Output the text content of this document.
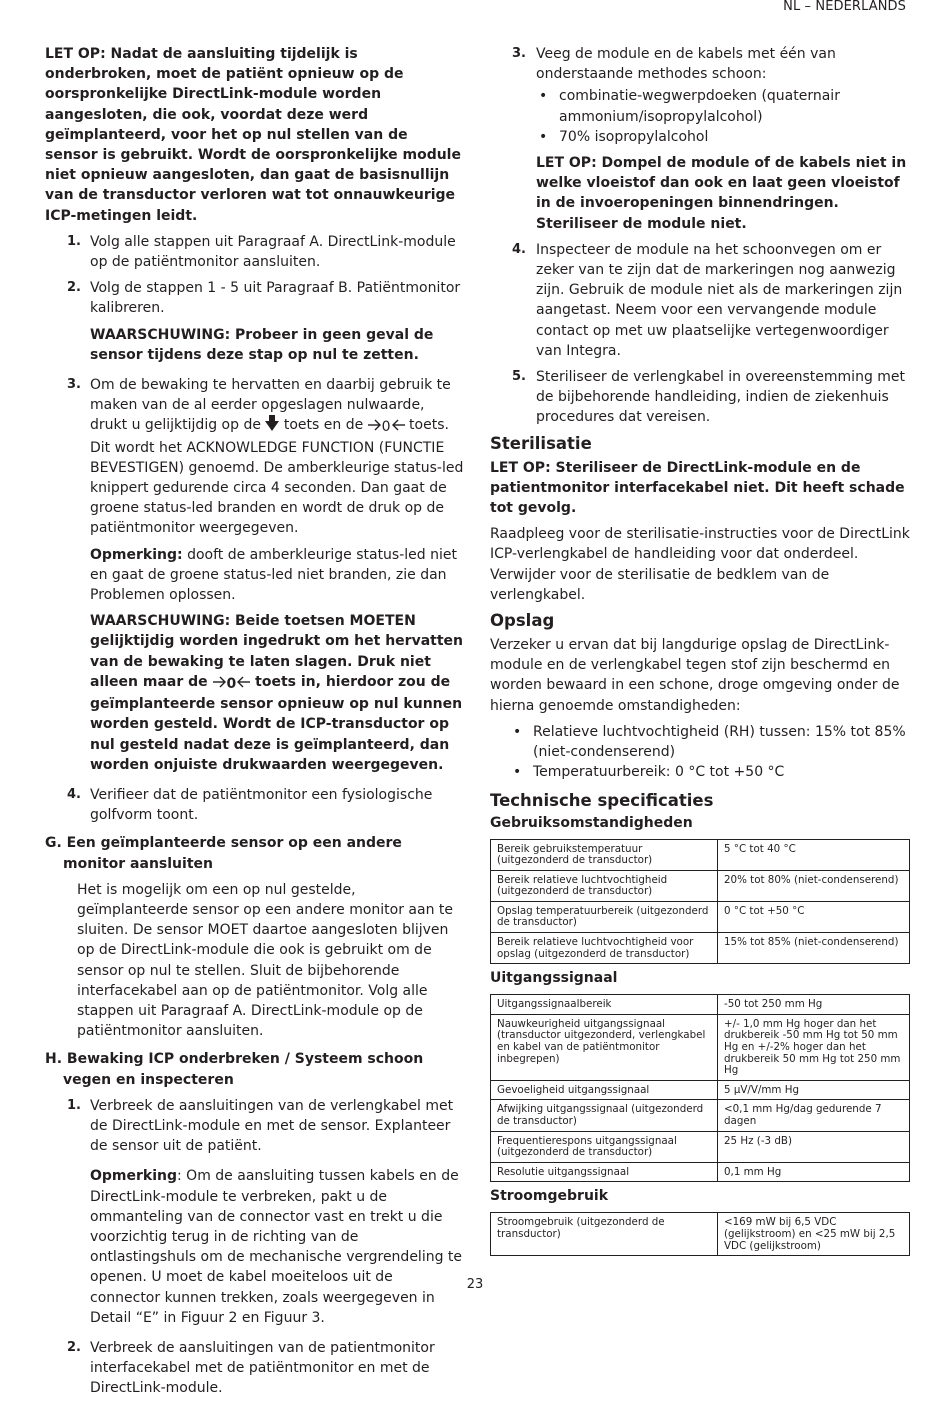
NL – NEDERLANDS

LET OP: Nadat de aansluiting tijdelijk is onderbroken, moet de patiënt opnieuw op de oorspronkelijke DirectLink-module worden aangesloten, die ook, voordat deze werd geïmplanteerd, voor het op nul stellen van de sensor is gebruikt. Wordt de oorspronkelijke module niet opnieuw aangesloten, dan gaat de basisnullijn van de transductor verloren wat tot onnauwkeurige ICP-metingen leidt.

1. Volg alle stappen uit Paragraaf A. DirectLink-module op de patiëntmonitor aansluiten.
2. Volg de stappen 1 - 5 uit Paragraaf B. Patiëntmonitor kalibreren.

WAARSCHUWING: Probeer in geen geval de sensor tijdens deze stap op nul te zetten.

3. Om de bewaking te hervatten en daarbij gebruik te maken van de al eerder opgeslagen nulwaarde, drukt u gelijktijdig op de toets en de 0 toets. Dit wordt het ACKNOWLEDGE FUNCTION (FUNCTIE BEVESTIGEN) genoemd. De amberkleurige status-led knippert gedurende circa 4 seconden. Dan gaat de groene status-led branden en wordt de druk op de patiëntmonitor weergegeven.

Opmerking: dooft de amberkleurige status-led niet en gaat de groene status-led niet branden, zie dan Problemen oplossen.

WAARSCHUWING: Beide toetsen MOETEN gelijktijdig worden ingedrukt om het hervatten van de bewaking te laten slagen. Druk niet alleen maar de 0 toets in, hierdoor zou de geïmplanteerde sensor opnieuw op nul kunnen worden gesteld. Wordt de ICP-transductor op nul gesteld nadat deze is geïmplanteerd, dan worden onjuiste drukwaarden weergegeven.

4. Verifieer dat de patiëntmonitor een fysiologische golfvorm toont.

G. Een geïmplanteerde sensor op een andere monitor aansluiten

Het is mogelijk om een op nul gestelde, geïmplanteerde sensor op een andere monitor aan te sluiten. De sensor MOET daartoe aangesloten blijven op de DirectLink-module die ook is gebruikt om de sensor op nul te stellen. Sluit de bijbehorende interfacekabel aan op de patiëntmonitor. Volg alle stappen uit Paragraaf A. DirectLink-module op de patiëntmonitor aansluiten.

H. Bewaking ICP onderbreken / Systeem schoon vegen en inspecteren

1. Verbreek de aansluitingen van de verlengkabel met de DirectLink-module en met de sensor. Explanteer de sensor uit de patiënt.

Opmerking: Om de aansluiting tussen kabels en de DirectLink-module te verbreken, pakt u de ommanteling van de connector vast en trekt u die voorzichtig terug in de richting van de ontlastingshuls om de mechanische vergrendeling te openen. U moet de kabel moeiteloos uit de connector kunnen trekken, zoals weergegeven in Detail “E” in Figuur 2 en Figuur 3.

2. Verbreek de aansluitingen van de patientmonitor interfacekabel met de patiëntmonitor en met de DirectLink-module.
3. Veeg de module en de kabels met één van onderstaande methodes schoon:
• combinatie-wegwerpdoeken (quaternair ammonium/isopropylalcohol)
• 70% isopropylalcohol

LET OP: Dompel de module of de kabels niet in welke vloeistof dan ook en laat geen vloeistof in de invoeropeningen binnendringen. Steriliseer de module niet.

4. Inspecteer de module na het schoonvegen om er zeker van te zijn dat de markeringen nog aanwezig zijn. Gebruik de module niet als de markeringen zijn aangetast. Neem voor een vervangende module contact op met uw plaatselijke vertegenwoordiger van Integra.
5. Steriliseer de verlengkabel in overeenstemming met de bijbehorende handleiding, indien de ziekenhuis procedures dat vereisen.
Sterilisatie

LET OP: Steriliseer de DirectLink-module en de patientmonitor interfacekabel niet. Dit heeft schade tot gevolg.

Raadpleeg voor de sterilisatie-instructies voor de DirectLink ICP-verlengkabel de handleiding voor dat onderdeel. Verwijder voor de sterilisatie de bedklem van de verlengkabel.

Opslag

Verzeker u ervan dat bij langdurige opslag de DirectLink-module en de verlengkabel tegen stof zijn beschermd en worden bewaard in een schone, droge omgeving onder de hierna genoemde omstandigheden:

• Relatieve luchtvochtigheid (RH) tussen: 15% tot 85% (niet-condenserend)
• Temperatuurbereik: 0 °C tot +50 °C
Technische specificaties
Gebruiksomstandigheden
Bereik gebruikstemperatuur (uitgezonderd de transductor)	5 °C tot 40 °C
Bereik relatieve luchtvochtigheid (uitgezonderd de transductor)	20% tot 80% (niet-condenserend)
Opslag temperatuurbereik (uitgezonderd de transductor)	0 °C tot +50 °C
Bereik relatieve luchtvochtigheid voor opslag (uitgezonderd de transductor)	15% tot 85% (niet-condenserend)
Uitgangssignaal
Uitgangssignaalbereik	-50 tot 250 mm Hg
Nauwkeurigheid uitgangssignaal (transductor uitgezonderd, verlengkabel en kabel van de patiëntmonitor inbegrepen)	+/- 1,0 mm Hg hoger dan het drukbereik -50 mm Hg tot 50 mm Hg en +/-2% hoger dan het drukbereik 50 mm Hg tot 250 mm Hg
Gevoeligheid uitgangssignaal	5 μV/V/mm Hg
Afwijking uitgangssignaal (uitgezonderd de transductor)	<0,1 mm Hg/dag gedurende 7 dagen
Frequentierespons uitgangssignaal (uitgezonderd de transductor)	25 Hz (-3 dB)
Resolutie uitgangssignaal	0,1 mm Hg
Stroomgebruik
Stroomgebruik (uitgezonderd de transductor)	<169 mW bij 6,5 VDC (gelijkstroom) en <25 mW bij 2,5 VDC (gelijkstroom)
23
